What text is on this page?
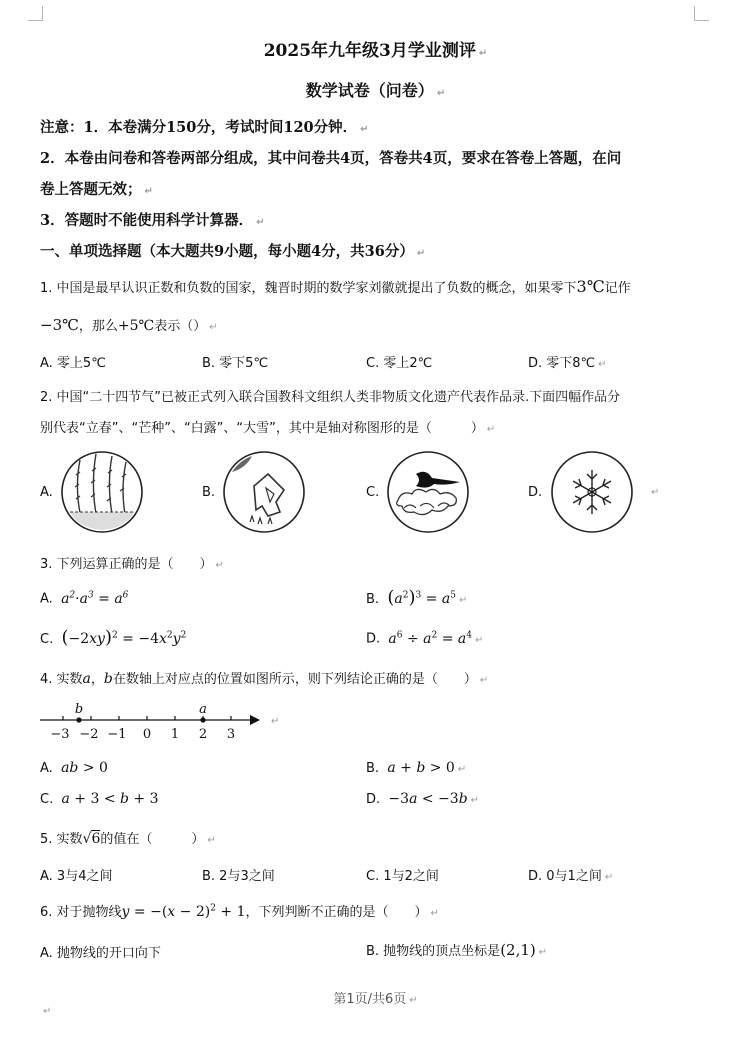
2025年九年级3月学业测评 ↵
数学试卷（问卷） ↵
注意：1．本卷满分150分，考试时间120分钟． ↵
2．本卷由问卷和答卷两部分组成，其中问卷共4页，答卷共4页，要求在答卷上答题，在问
卷上答题无效； ↵
3．答题时不能使用科学计算器． ↵
一、单项选择题（本大题共9小题，每小题4分，共36分） ↵
1. 中国是最早认识正数和负数的国家，魏晋时期的数学家刘徽就提出了负数的概念，如果零下3℃记作
−3℃，那么+5℃表示（） ↵
A. 零上5℃	B. 零下5℃	C. 零上2℃	D. 零下8℃ ↵
2. 中国“二十四节气”已被正式列入联合国教科文组织人类非物质文化遗产代表作品录.下面四幅作品分
别代表“立春”、“芒种”、“白露”、“大雪”，其中是轴对称图形的是（　　　） ↵
A.	B.	C.	D.	↵
3. 下列运算正确的是（　　） ↵
A. $a^2\cdot a^3 = a^6$	B. $(a^2)^3 = a^5$ ↵
C. $(-2xy)^2 = -4x^2y^2$	D. $a^6 \div a^2 = a^4$ ↵
4. 实数a，b在数轴上对应点的位置如图所示，则下列结论正确的是（　　） ↵
b	a
−3 −2 −1 0 1 2 3
↵
A. ab > 0	B. a + b > 0 ↵
C. a + 3 < b + 3	D. −3a < −3b ↵
5. 实数√6的值在（　　　） ↵
A. 3与4之间	B. 2与3之间	C. 1与2之间	D. 0与1之间 ↵
6. 对于抛物线$y = -(x - 2)^2 + 1$，下列判断不正确的是（　　） ↵
A. 抛物线的开口向下	B. 抛物线的顶点坐标是(2,1) ↵
第1页/共6页 ↵
↵
